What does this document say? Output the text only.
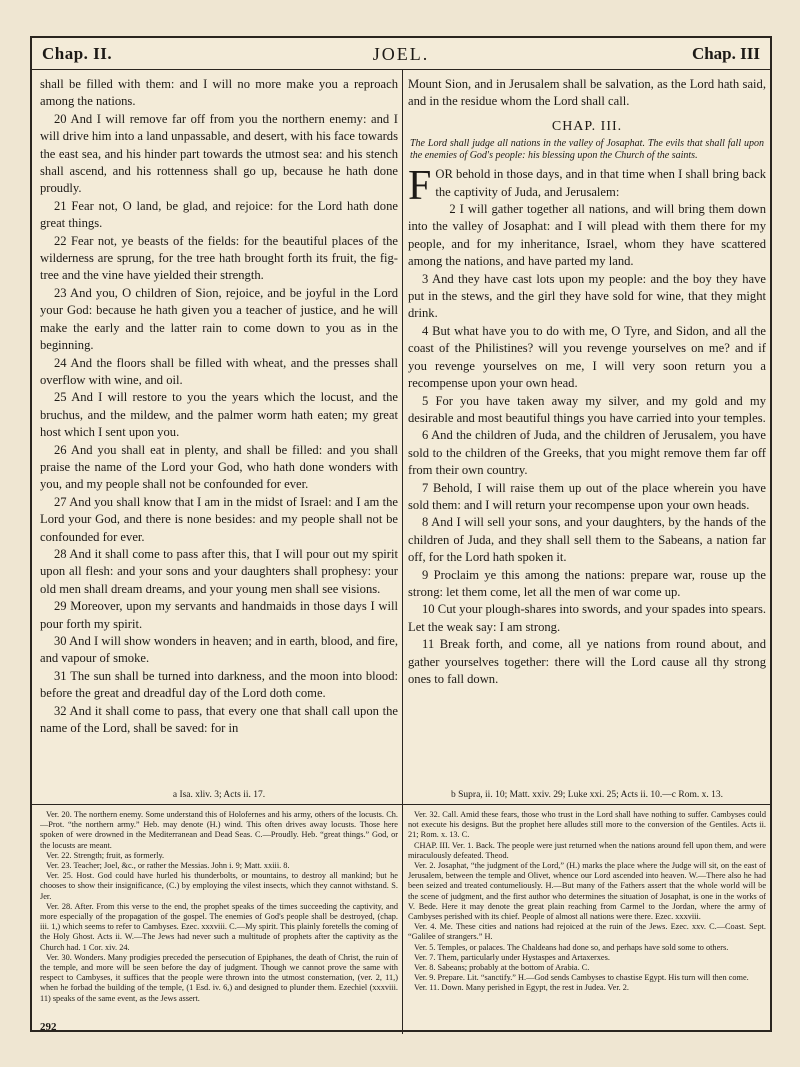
Chap. II.	JOEL.	Chap. III

shall be filled with them: and I will no more make you a reproach among the nations.

20 And I will remove far off from you the northern enemy: and I will drive him into a land unpassable, and desert, with his face towards the east sea, and his hinder part towards the utmost sea: and his stench shall ascend, and his rottenness shall go up, because he hath done proudly.

21 Fear not, O land, be glad, and rejoice: for the Lord hath done great things.

22 Fear not, ye beasts of the fields: for the beautiful places of the wilderness are sprung, for the tree hath brought forth its fruit, the fig-tree and the vine have yielded their strength.

23 And you, O children of Sion, rejoice, and be joyful in the Lord your God: because he hath given you a teacher of justice, and he will make the early and the latter rain to come down to you as in the beginning.

24 And the floors shall be filled with wheat, and the presses shall overflow with wine, and oil.

25 And I will restore to you the years which the locust, and the bruchus, and the mildew, and the palmer worm hath eaten; my great host which I sent upon you.

26 And you shall eat in plenty, and shall be filled: and you shall praise the name of the Lord your God, who hath done wonders with you, and my people shall not be confounded for ever.

27 And you shall know that I am in the midst of Israel: and I am the Lord your God, and there is none besides: and my people shall not be confounded for ever.

28 And it shall come to pass after this, that I will pour out my spirit upon all flesh: and your sons and your daughters shall prophesy: your old men shall dream dreams, and your young men shall see visions.

29 Moreover, upon my servants and handmaids in those days I will pour forth my spirit.

30 And I will show wonders in heaven; and in earth, blood, and fire, and vapour of smoke.

31 The sun shall be turned into darkness, and the moon into blood: before the great and dreadful day of the Lord doth come.

32 And it shall come to pass, that every one that shall call upon the name of the Lord, shall be saved: for in

Mount Sion, and in Jerusalem shall be salvation, as the Lord hath said, and in the residue whom the Lord shall call.

CHAP. III.
The Lord shall judge all nations in the valley of Josaphat. The evils that shall fall upon the enemies of God's people: his blessing upon the Church of the saints.

FOR behold in those days, and in that time when I shall bring back the captivity of Juda, and Jerusalem:

2 I will gather together all nations, and will bring them down into the valley of Josaphat: and I will plead with them there for my people, and for my inheritance, Israel, whom they have scattered among the nations, and have parted my land.

3 And they have cast lots upon my people: and the boy they have put in the stews, and the girl they have sold for wine, that they might drink.

4 But what have you to do with me, O Tyre, and Sidon, and all the coast of the Philistines? will you revenge yourselves on me? and if you revenge yourselves on me, I will very soon return you a recompense upon your own head.

5 For you have taken away my silver, and my gold and my desirable and most beautiful things you have carried into your temples.

6 And the children of Juda, and the children of Jerusalem, you have sold to the children of the Greeks, that you might remove them far off from their own country.

7 Behold, I will raise them up out of the place wherein you have sold them: and I will return your recompense upon your own heads.

8 And I will sell your sons, and your daughters, by the hands of the children of Juda, and they shall sell them to the Sabeans, a nation far off, for the Lord hath spoken it.

9 Proclaim ye this among the nations: prepare war, rouse up the strong: let them come, let all the men of war come up.

10 Cut your plough-shares into swords, and your spades into spears. Let the weak say: I am strong.

11 Break forth, and come, all ye nations from round about, and gather yourselves together: there will the Lord cause all thy strong ones to fall down.

a Isa. xliv. 3; Acts ii. 17.	b Supra, ii. 10; Matt. xxiv. 29; Luke xxi. 25; Acts ii. 10.—c Rom. x. 13.

Ver. 20. The northern enemy. Some understand this of Holofernes and his army, others of the locusts. Ch.—Prot. “the northern army.” Heb. may denote (H.) wind. This often drives away locusts. Those here spoken of were drowned in the Mediterranean and Dead Seas. C.—Proudly. Heb. “great things.” God, or the locusts are meant.

Ver. 22. Strength; fruit, as formerly.

Ver. 23. Teacher; Joel, &c., or rather the Messias. John i. 9; Matt. xxiii. 8.

Ver. 25. Host. God could have hurled his thunderbolts, or mountains, to destroy all mankind; but he chooses to show their insignificance, (C.) by employing the vilest insects, which they cannot withstand. S. Jer.

Ver. 28. After. From this verse to the end, the prophet speaks of the times succeeding the captivity, and more especially of the propagation of the gospel. The enemies of God's people shall be destroyed, (chap. iii. 1,) which seems to refer to Cambyses. Ezec. xxxviii. C.—My spirit. This plainly foretells the coming of the Holy Ghost. Acts ii. W.—The Jews had never such a multitude of prophets after the captivity as the Church had. 1 Cor. xiv. 24.

Ver. 30. Wonders. Many prodigies preceded the persecution of Epiphanes, the death of Christ, the ruin of the temple, and more will be seen before the day of judgment. Though we cannot prove the same with respect to Cambyses, it suffices that the people were thrown into the utmost consternation, (ver. 2, 11,) when he forbad the building of the temple, (1 Esd. iv. 6,) and designed to plunder them. Ezechiel (xxxviii. 11) speaks of the same event, as the Jews assert.

Ver. 32. Call. Amid these fears, those who trust in the Lord shall have nothing to suffer. Cambyses could not execute his designs. But the prophet here alludes still more to the conversion of the Gentiles. Acts ii. 21; Rom. x. 13. C.

CHAP. III. Ver. 1. Back. The people were just returned when the nations around fell upon them, and were miraculously defeated. Theod.

Ver. 2. Josaphat, “the judgment of the Lord,” (H.) marks the place where the Judge will sit, on the east of Jerusalem, between the temple and Olivet, whence our Lord ascended into heaven. W.—There also he had been seized and treated contumeliously. H.—But many of the Fathers assert that the whole world will be the scene of judgment, and the first author who determines the situation of Josaphat, is one in the works of V. Bede. Here it may denote the great plain reaching from Carmel to the Jordan, where the army of Cambyses perished with its chief. People of almost all nations were there. Ezec. xxxviii.

Ver. 4. Me. These cities and nations had rejoiced at the ruin of the Jews. Ezec. xxv. C.—Coast. Sept. “Galilee of strangers.” H.

Ver. 5. Temples, or palaces. The Chaldeans had done so, and perhaps have sold some to others.

Ver. 7. Them, particularly under Hystaspes and Artaxerxes.

Ver. 8. Sabeans; probably at the bottom of Arabia. C.

Ver. 9. Prepare. Lit. “sanctify.” H.—God sends Cambyses to chastise Egypt. His turn will then come.

Ver. 11. Down. Many perished in Egypt, the rest in Judea. Ver. 2.

292
